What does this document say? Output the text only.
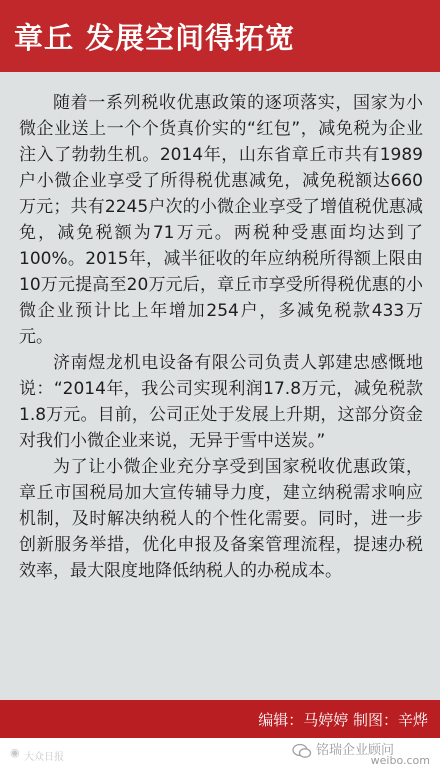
章丘 发展空间得拓宽

随着一系列税收优惠政策的逐项落实，国家为小微企业送上一个个货真价实的“红包”，减免税为企业注入了勃勃生机。2014年，山东省章丘市共有1989户小微企业享受了所得税优惠减免，减免税额达660万元；共有2245户次的小微企业享受了增值税优惠减免，减免税额为71万元。两税种受惠面均达到了100%。2015年，减半征收的年应纳税所得额上限由10万元提高至20万元后，章丘市享受所得税优惠的小微企业预计比上年增加254户，多减免税款433万元。

济南煜龙机电设备有限公司负责人郭建忠感慨地说：“2014年，我公司实现利润17.8万元，减免税款1.8万元。目前，公司正处于发展上升期，这部分资金对我们小微企业来说，无异于雪中送炭。”

为了让小微企业充分享受到国家税收优惠政策，章丘市国税局加大宣传辅导力度，建立纳税需求响应机制，及时解决纳税人的个性化需要。同时，进一步创新服务举措，优化申报及备案管理流程，提速办税效率，最大限度地降低纳税人的办税成本。

编辑：马婷婷 制图：辛烨
◉ 大众日报	铭瑞企业顾问
weibo.com
